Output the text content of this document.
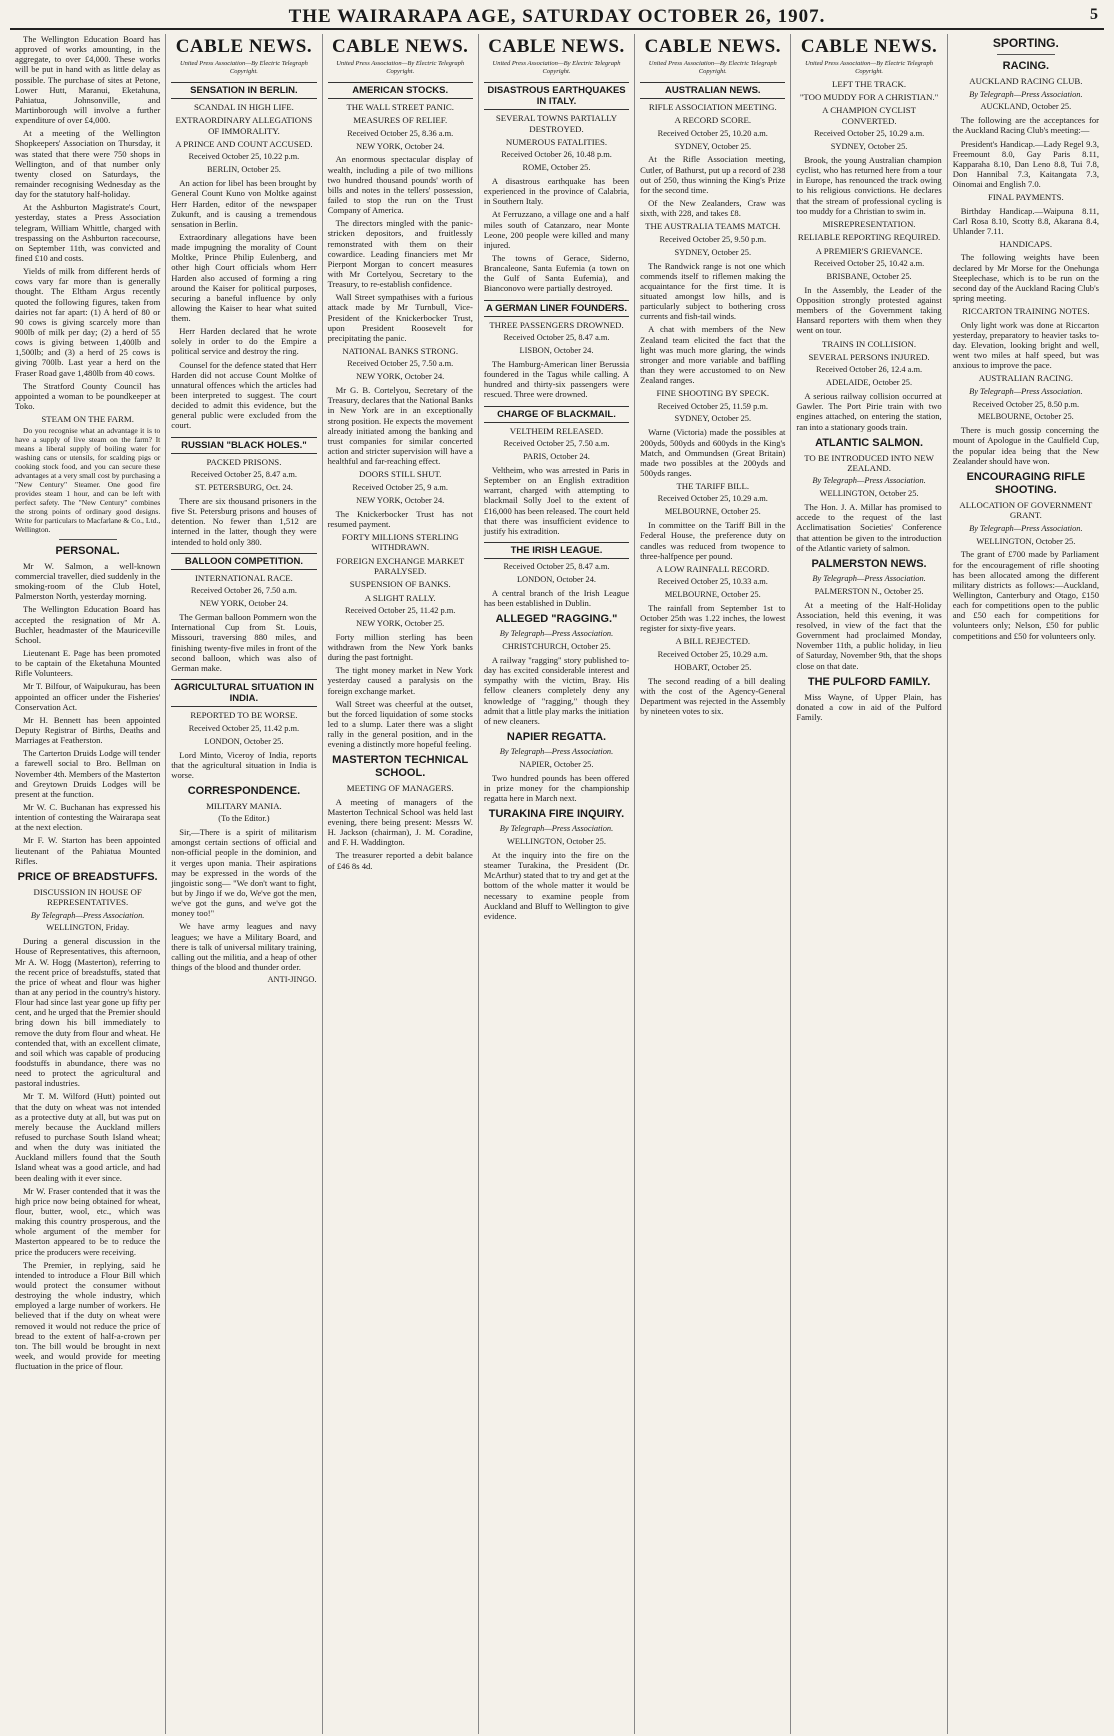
THE WAIRARAPA AGE, SATURDAY OCTOBER 26, 1907.	5

The Wellington Education Board has approved of works amounting, in the aggregate, to over £4,000. These works will be put in hand with as little delay as possible. The purchase of sites at Petone, Lower Hutt, Maranui, Eketahuna, Pahiatua, Johnsonville, and Martinborough will involve a further expenditure of over £4,000.

At a meeting of the Wellington Shopkeepers' Association on Thursday, it was stated that there were 750 shops in Wellington, and of that number only twenty closed on Saturdays, the remainder recognising Wednesday as the day for the statutory half-holiday.

At the Ashburton Magistrate's Court, yesterday, states a Press Association telegram, William Whittle, charged with trespassing on the Ashburton racecourse, on September 11th, was convicted and fined £10 and costs.

Yields of milk from different herds of cows vary far more than is generally thought. The Eltham Argus recently quoted the following figures, taken from dairies not far apart: (1) A herd of 80 or 90 cows is giving scarcely more than 900lb of milk per day; (2) a herd of 55 cows is giving between 1,400lb and 1,500lb; and (3) a herd of 25 cows is giving 700lb. Last year a herd on the Fraser Road gave 1,480lb from 40 cows.

The Stratford County Council has appointed a woman to be poundkeeper at Toko.

STEAM ON THE FARM.

Do you recognise what an advantage it is to have a supply of live steam on the farm? It means a liberal supply of boiling water for washing cans or utensils, for scalding pigs or cooking stock food, and you can secure these advantages at a very small cost by purchasing a "New Century" Steamer. One good fire provides steam 1 hour, and can be left with perfect safety. The "New Century" combines the strong points of ordinary good designs. Write for particulars to Macfarlane & Co., Ltd., Wellington.

PERSONAL.

Mr W. Salmon, a well-known commercial traveller, died suddenly in the smoking-room of the Club Hotel, Palmerston North, yesterday morning.

The Wellington Education Board has accepted the resignation of Mr A. Buchler, headmaster of the Mauriceville School.

Lieutenant E. Page has been promoted to be captain of the Eketahuna Mounted Rifle Volunteers.

Mr T. Bilfour, of Waipukurau, has been appointed an officer under the Fisheries' Conservation Act.

Mr H. Bennett has been appointed Deputy Registrar of Births, Deaths and Marriages at Featherston.

The Carterton Druids Lodge will tender a farewell social to Bro. Bellman on November 4th. Members of the Masterton and Greytown Druids Lodges will be present at the function.

Mr W. C. Buchanan has expressed his intention of contesting the Wairarapa seat at the next election.

Mr F. W. Starton has been appointed lieutenant of the Pahiatua Mounted Rifles.

PRICE OF BREADSTUFFS.
DISCUSSION IN HOUSE OF REPRESENTATIVES.
By Telegraph—Press Association.
WELLINGTON, Friday.

During a general discussion in the House of Representatives, this afternoon, Mr A. W. Hogg (Masterton), referring to the recent price of breadstuffs, stated that the price of wheat and flour was higher than at any period in the country's history. Flour had since last year gone up fifty per cent, and he urged that the Premier should bring down his bill immediately to remove the duty from flour and wheat. He contended that, with an excellent climate, and soil which was capable of producing foodstuffs in abundance, there was no need to protect the agricultural and pastoral industries.

Mr T. M. Wilford (Hutt) pointed out that the duty on wheat was not intended as a protective duty at all, but was put on merely because the Auckland millers refused to purchase South Island wheat; and when the duty was initiated the Auckland millers found that the South Island wheat was a good article, and had been dealing with it ever since.

Mr W. Fraser contended that it was the high price now being obtained for wheat, flour, butter, wool, etc., which was making this country prosperous, and the whole argument of the member for Masterton appeared to be to reduce the price the producers were receiving.

The Premier, in replying, said he intended to introduce a Flour Bill which would protect the consumer without destroying the whole industry, which employed a large number of workers. He believed that if the duty on wheat were removed it would not reduce the price of bread to the extent of half-a-crown per ton. The bill would be brought in next week, and would provide for meeting fluctuation in the price of flour.

CABLE NEWS.
United Press Association—By Electric Telegraph Copyright.
SENSATION IN BERLIN.
SCANDAL IN HIGH LIFE.
EXTRAORDINARY ALLEGATIONS OF IMMORALITY.
A PRINCE AND COUNT ACCUSED.
Received October 25, 10.22 p.m.
BERLIN, October 25.

An action for libel has been brought by General Count Kuno von Moltke against Herr Harden, editor of the newspaper Zukunft, and is causing a tremendous sensation in Berlin.

Extraordinary allegations have been made impugning the morality of Count Moltke, Prince Philip Eulenberg, and other high Court officials whom Herr Harden also accused of forming a ring around the Kaiser for political purposes, securing a baneful influence by only allowing the Kaiser to hear what suited them.

Herr Harden declared that he wrote solely in order to do the Empire a political service and destroy the ring.

Counsel for the defence stated that Herr Harden did not accuse Count Moltke of unnatural offences which the articles had been interpreted to suggest. The court decided to admit this evidence, but the general public were excluded from the court.

RUSSIAN "BLACK HOLES."
PACKED PRISONS.
Received October 25, 8.47 a.m.
ST. PETERSBURG, Oct. 24.

There are six thousand prisoners in the five St. Petersburg prisons and houses of detention. No fewer than 1,512 are interned in the latter, though they were intended to hold only 380.

BALLOON COMPETITION.
INTERNATIONAL RACE.
Received October 26, 7.50 a.m.
NEW YORK, October 24.

The German balloon Pommern won the International Cup from St. Louis, Missouri, traversing 880 miles, and finishing twenty-five miles in front of the second balloon, which was also of German make.

AGRICULTURAL SITUATION IN INDIA.
REPORTED TO BE WORSE.
Received October 25, 11.42 p.m.
LONDON, October 25.

Lord Minto, Viceroy of India, reports that the agricultural situation in India is worse.

CORRESPONDENCE.
MILITARY MANIA.
(To the Editor.)

Sir,—There is a spirit of militarism amongst certain sections of official and non-official people in the dominion, and it verges upon mania. Their aspirations may be expressed in the words of the jingoistic song— "We don't want to fight, but by Jingo if we do, We've got the men, we've got the guns, and we've got the money too!"

We have army leagues and navy leagues; we have a Military Board, and there is talk of universal military training, calling out the militia, and a heap of other things of the blood and thunder order.

ANTI-JINGO.
CABLE NEWS.
United Press Association—By Electric Telegraph Copyright.
AMERICAN STOCKS.
THE WALL STREET PANIC.
MEASURES OF RELIEF.
Received October 25, 8.36 a.m.
NEW YORK, October 24.

An enormous spectacular display of wealth, including a pile of two millions two hundred thousand pounds' worth of bills and notes in the tellers' possession, failed to stop the run on the Trust Company of America.

The directors mingled with the panic-stricken depositors, and fruitlessly remonstrated with them on their cowardice. Leading financiers met Mr Pierpont Morgan to concert measures with Mr Cortelyou, Secretary to the Treasury, to re-establish confidence.

Wall Street sympathises with a furious attack made by Mr Turnbull, Vice-President of the Knickerbocker Trust, upon President Roosevelt for precipitating the panic.

NATIONAL BANKS STRONG.
Received October 25, 7.50 a.m.
NEW YORK, October 24.

Mr G. B. Cortelyou, Secretary of the Treasury, declares that the National Banks in New York are in an exceptionally strong position. He expects the movement already initiated among the banking and trust companies for similar concerted action and stricter supervision will have a healthful and far-reaching effect.

DOORS STILL SHUT.
Received October 25, 9 a.m.
NEW YORK, October 24.

The Knickerbocker Trust has not resumed payment.

FORTY MILLIONS STERLING WITHDRAWN.
FOREIGN EXCHANGE MARKET PARALYSED.
SUSPENSION OF BANKS.
A SLIGHT RALLY.
Received October 25, 11.42 p.m.
NEW YORK, October 25.

Forty million sterling has been withdrawn from the New York banks during the past fortnight.

The tight money market in New York yesterday caused a paralysis on the foreign exchange market.

Wall Street was cheerful at the outset, but the forced liquidation of some stocks led to a slump. Later there was a slight rally in the general position, and in the evening a distinctly more hopeful feeling.

MASTERTON TECHNICAL SCHOOL.
MEETING OF MANAGERS.

A meeting of managers of the Masterton Technical School was held last evening, there being present: Messrs W. H. Jackson (chairman), J. M. Coradine, and F. H. Waddington.

The treasurer reported a debit balance of £46 8s 4d.

CABLE NEWS.
United Press Association—By Electric Telegraph Copyright.
DISASTROUS EARTHQUAKES IN ITALY.
SEVERAL TOWNS PARTIALLY DESTROYED.
NUMEROUS FATALITIES.
Received October 26, 10.48 p.m.
ROME, October 25.

A disastrous earthquake has been experienced in the province of Calabria, in Southern Italy.

At Ferruzzano, a village one and a half miles south of Catanzaro, near Monte Leone, 200 people were killed and many injured.

The towns of Gerace, Siderno, Brancaleone, Santa Eufemia (a town on the Gulf of Santa Eufemia), and Bianconovo were partially destroyed.

A GERMAN LINER FOUNDERS.
THREE PASSENGERS DROWNED.
Received October 25, 8.47 a.m.
LISBON, October 24.

The Hamburg-American liner Berussia foundered in the Tagus while calling. A hundred and thirty-six passengers were rescued. Three were drowned.

CHARGE OF BLACKMAIL.
VELTHEIM RELEASED.
Received October 25, 7.50 a.m.
PARIS, October 24.

Veltheim, who was arrested in Paris in September on an English extradition warrant, charged with attempting to blackmail Solly Joel to the extent of £16,000 has been released. The court held that there was insufficient evidence to justify his extradition.

THE IRISH LEAGUE.
Received October 25, 8.47 a.m.
LONDON, October 24.

A central branch of the Irish League has been established in Dublin.

ALLEGED "RAGGING."
By Telegraph—Press Association.
CHRISTCHURCH, October 25.

A railway "ragging" story published to-day has excited considerable interest and sympathy with the victim, Bray. His fellow cleaners completely deny any knowledge of "ragging," though they admit that a little play marks the initiation of new cleaners.

NAPIER REGATTA.
By Telegraph—Press Association.
NAPIER, October 25.

Two hundred pounds has been offered in prize money for the championship regatta here in March next.

TURAKINA FIRE INQUIRY.
By Telegraph—Press Association.
WELLINGTON, October 25.

At the inquiry into the fire on the steamer Turakina, the President (Dr. McArthur) stated that to try and get at the bottom of the whole matter it would be necessary to examine people from Auckland and Bluff to Wellington to give evidence.

CABLE NEWS.
United Press Association—By Electric Telegraph Copyright.
AUSTRALIAN NEWS.
RIFLE ASSOCIATION MEETING.
A RECORD SCORE.
Received October 25, 10.20 a.m.
SYDNEY, October 25.

At the Rifle Association meeting, Cutler, of Bathurst, put up a record of 238 out of 250, thus winning the King's Prize for the second time.

Of the New Zealanders, Craw was sixth, with 228, and takes £8.

THE AUSTRALIA TEAMS MATCH.
Received October 25, 9.50 p.m.
SYDNEY, October 25.

The Randwick range is not one which commends itself to riflemen making the acquaintance for the first time. It is situated amongst low hills, and is particularly subject to bothering cross currents and fish-tail winds.

A chat with members of the New Zealand team elicited the fact that the light was much more glaring, the winds stronger and more variable and baffling than they were accustomed to on New Zealand ranges.

FINE SHOOTING BY SPECK.
Received October 25, 11.59 p.m.
SYDNEY, October 25.

Warne (Victoria) made the possibles at 200yds, 500yds and 600yds in the King's Match, and Ommundsen (Great Britain) made two possibles at the 200yds and 500yds ranges.

THE TARIFF BILL.
Received October 25, 10.29 a.m.
MELBOURNE, October 25.

In committee on the Tariff Bill in the Federal House, the preference duty on candles was reduced from twopence to three-halfpence per pound.

A LOW RAINFALL RECORD.
Received October 25, 10.33 a.m.
MELBOURNE, October 25.

The rainfall from September 1st to October 25th was 1.22 inches, the lowest register for sixty-five years.

A BILL REJECTED.
Received October 25, 10.29 a.m.
HOBART, October 25.

The second reading of a bill dealing with the cost of the Agency-General Department was rejected in the Assembly by nineteen votes to six.

CABLE NEWS.
United Press Association—By Electric Telegraph Copyright.
LEFT THE TRACK.
"TOO MUDDY FOR A CHRISTIAN."
A CHAMPION CYCLIST CONVERTED.
Received October 25, 10.29 a.m.
SYDNEY, October 25.

Brook, the young Australian champion cyclist, who has returned here from a tour in Europe, has renounced the track owing to his religious convictions. He declares that the stream of professional cycling is too muddy for a Christian to swim in.

MISREPRESENTATION.
RELIABLE REPORTING REQUIRED.
A PREMIER'S GRIEVANCE.
Received October 25, 10.42 a.m.
BRISBANE, October 25.

In the Assembly, the Leader of the Opposition strongly protested against members of the Government taking Hansard reporters with them when they went on tour.

TRAINS IN COLLISION.
SEVERAL PERSONS INJURED.
Received October 26, 12.4 a.m.
ADELAIDE, October 25.

A serious railway collision occurred at Gawler. The Port Pirie train with two engines attached, on entering the station, ran into a stationary goods train.

ATLANTIC SALMON.
TO BE INTRODUCED INTO NEW ZEALAND.
By Telegraph—Press Association.
WELLINGTON, October 25.

The Hon. J. A. Millar has promised to accede to the request of the last Acclimatisation Societies' Conference that attention be given to the introduction of the Atlantic variety of salmon.

PALMERSTON NEWS.
By Telegraph—Press Association.
PALMERSTON N., October 25.

At a meeting of the Half-Holiday Association, held this evening, it was resolved, in view of the fact that the Government had proclaimed Monday, November 11th, a public holiday, in lieu of Saturday, November 9th, that the shops close on that date.

THE PULFORD FAMILY.

Miss Wayne, of Upper Plain, has donated a cow in aid of the Pulford Family.

SPORTING.
RACING.
AUCKLAND RACING CLUB.
By Telegraph—Press Association.
AUCKLAND, October 25.

The following are the acceptances for the Auckland Racing Club's meeting:—

President's Handicap.—Lady Regel 9.3, Freemount 8.0, Gay Paris 8.11, Kapparaha 8.10, Dan Leno 8.8, Tui 7.8, Don Hannibal 7.3, Kaitangata 7.3, Oinomai and English 7.0.

FINAL PAYMENTS.

Birthday Handicap.—Waipuna 8.11, Carl Rosa 8.10, Scotty 8.8, Akarana 8.4, Uhlander 7.11.

HANDICAPS.

The following weights have been declared by Mr Morse for the Onehunga Steeplechase, which is to be run on the second day of the Auckland Racing Club's spring meeting.

RICCARTON TRAINING NOTES.

Only light work was done at Riccarton yesterday, preparatory to heavier tasks to-day. Elevation, looking bright and well, went two miles at half speed, but was anxious to improve the pace.

AUSTRALIAN RACING.
By Telegraph—Press Association.
Received October 25, 8.50 p.m.
MELBOURNE, October 25.

There is much gossip concerning the mount of Apologue in the Caulfield Cup, the popular idea being that the New Zealander should have won.

ENCOURAGING RIFLE SHOOTING.
ALLOCATION OF GOVERNMENT GRANT.
By Telegraph—Press Association.
WELLINGTON, October 25.

The grant of £700 made by Parliament for the encouragement of rifle shooting has been allocated among the different military districts as follows:—Auckland, Wellington, Canterbury and Otago, £150 each for competitions open to the public and £50 each for competitions for volunteers only; Nelson, £50 for public competitions and £50 for volunteers only.
